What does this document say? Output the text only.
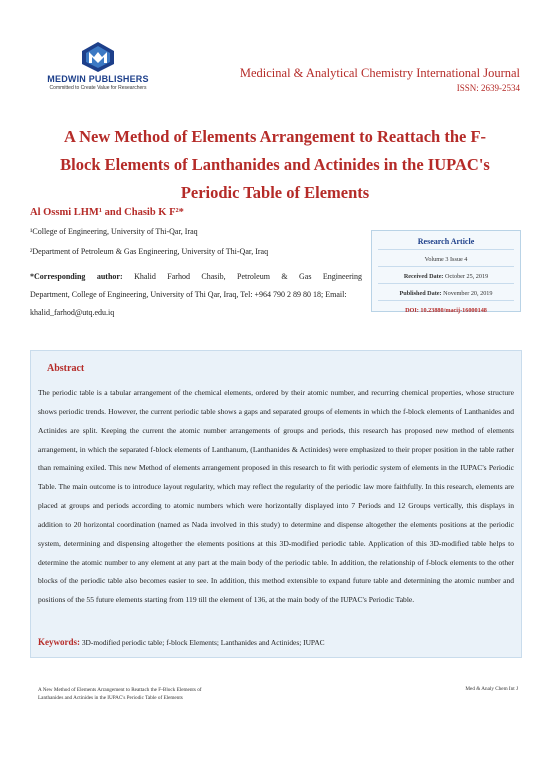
MEDWIN PUBLISHERS
Committed to Create Value for Researchers
Medicinal & Analytical Chemistry International Journal
ISSN: 2639-2534
A New Method of Elements Arrangement to Reattach the F-
Block Elements of Lanthanides and Actinides in the IUPAC's
Periodic Table of Elements
Al Ossmi LHM¹ and Chasib K F²*
¹College of Engineering, University of Thi-Qar, Iraq
²Department of Petroleum & Gas Engineering, University of Thi-Qar, Iraq
*Corresponding author: Khalid Farhod Chasib, Petroleum & Gas Engineering
Department, College of Engineering, University of Thi Qar, Iraq, Tel: +964 790 2 89 80 18; Email:
khalid_farhod@utq.edu.iq
Research Article
Volume 3 Issue 4
Received Date: October 25, 2019
Published Date: November 20, 2019
DOI: 10.23880/macij-16000148
Abstract
The periodic table is a tabular arrangement of the chemical elements, ordered by their atomic number, and recurring chemical properties, whose structure shows periodic trends. However, the current periodic table shows a gaps and separated groups of elements in which the f-block elements of Lanthanides and Actinides are split. Keeping the current the atomic number arrangements of groups and periods, this research has proposed new method of elements arrangement, in which the separated f-block elements of Lanthanum, (Lanthanides & Actinides) were emphasized to their proper position in the table rather than remaining exiled. This new Method of elements arrangement proposed in this research to fit with periodic system of elements in the IUPAC's Periodic Table. The main outcome is to introduce layout regularity, which may reflect the regularity of the periodic law more faithfully. In this research, elements are placed at groups and periods according to atomic numbers which were horizontally displayed into 7 Periods and 12 Groups vertically, this displays in addition to 20 horizontal coordination (named as Nada involved in this study) to determine and dispense altogether the elements positions at the periodic system, determining and dispensing altogether the elements positions at this 3D-modified periodic table. Application of this 3D-modified table helps to determine the atomic number to any element at any part at the main body of the periodic table. In addition, the relationship of f-block elements to the other blocks of the periodic table also becomes easier to see. In addition, this method extensible to expand future table and determining the atomic number and positions of the 55 future elements starting from 119 till the element of 136, at the main body of the IUPAC's Periodic Table.
Keywords: 3D-modified periodic table; f-block Elements; Lanthanides and Actinides; IUPAC
A New Method of Elements Arrangement to Reattach the F-Block Elements of
Lanthanides and Actinides in the IUPAC's Periodic Table of Elements
Med & Analy Chem Int J
